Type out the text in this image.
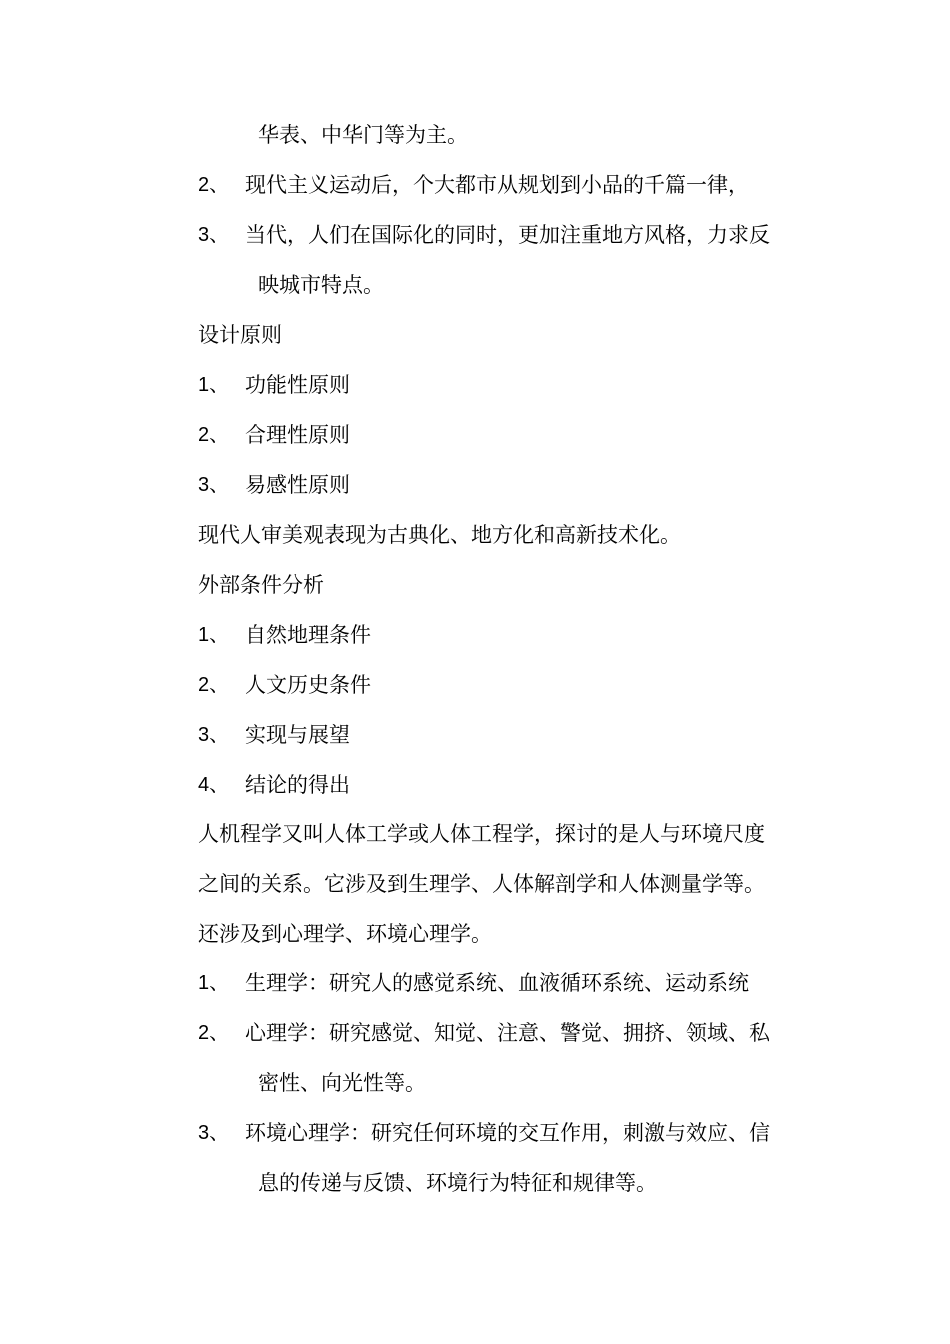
华表、中华门等为主。
2、 现代主义运动后，个大都市从规划到小品的千篇一律，
3、 当代，人们在国际化的同时，更加注重地方风格，力求反
映城市特点。
设计原则
1、 功能性原则
2、 合理性原则
3、 易感性原则
现代人审美观表现为古典化、地方化和高新技术化。
外部条件分析
1、 自然地理条件
2、 人文历史条件
3、 实现与展望
4、 结论的得出
人机程学又叫人体工学或人体工程学，探讨的是人与环境尺度
之间的关系。它涉及到生理学、人体解剖学和人体测量学等。
还涉及到心理学、环境心理学。
1、 生理学：研究人的感觉系统、血液循环系统、运动系统
2、 心理学：研究感觉、知觉、注意、警觉、拥挤、领域、私
密性、向光性等。
3、 环境心理学：研究任何环境的交互作用，刺激与效应、信
息的传递与反馈、环境行为特征和规律等。
